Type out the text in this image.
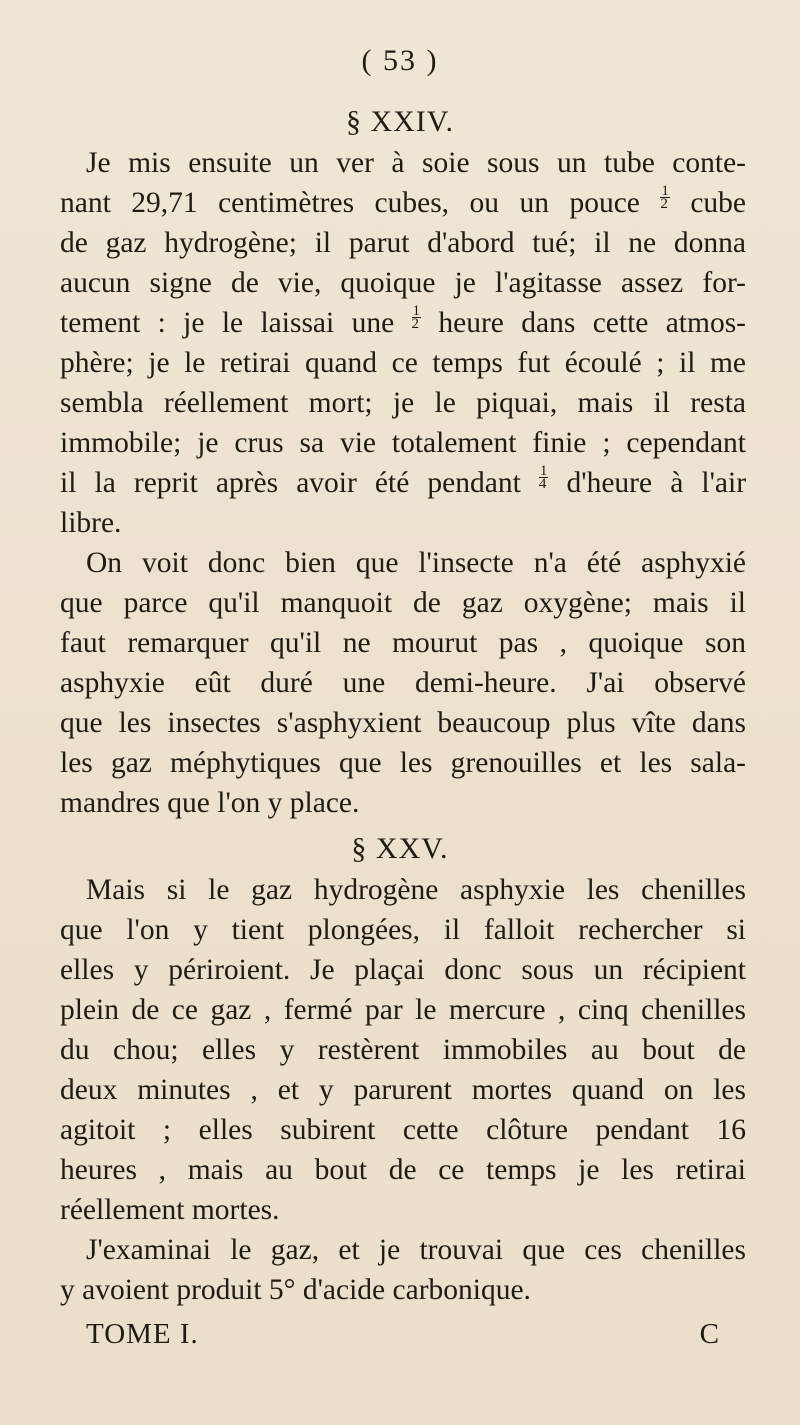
( 53 )
§ XXIV.
Je mis ensuite un ver à soie sous un tube conte-
nant 29,71 centimètres cubes, ou un pouce $\frac{1}{2}$ cube
de gaz hydrogène; il parut d'abord tué; il ne donna
aucun signe de vie, quoique je l'agitasse assez for-
tement : je le laissai une $\frac{1}{2}$ heure dans cette atmos-
phère; je le retirai quand ce temps fut écoulé ; il me
sembla réellement mort; je le piquai, mais il resta
immobile; je crus sa vie totalement finie ; cependant
il la reprit après avoir été pendant $\frac{1}{4}$ d'heure à l'air
libre.
On voit donc bien que l'insecte n'a été asphyxié
que parce qu'il manquoit de gaz oxygène; mais il
faut remarquer qu'il ne mourut pas , quoique son
asphyxie eût duré une demi-heure. J'ai observé
que les insectes s'asphyxient beaucoup plus vîte dans
les gaz méphytiques que les grenouilles et les sala-
mandres que l'on y place.
§ XXV.
Mais si le gaz hydrogène asphyxie les chenilles
que l'on y tient plongées, il falloit rechercher si
elles y périroient. Je plaçai donc sous un récipient
plein de ce gaz , fermé par le mercure , cinq chenilles
du chou; elles y restèrent immobiles au bout de
deux minutes , et y parurent mortes quand on les
agitoit ; elles subirent cette clôture pendant 16
heures , mais au bout de ce temps je les retirai
réellement mortes.
J'examinai le gaz, et je trouvai que ces chenilles
y avoient produit 5° d'acide carbonique.
TOME I.	C
